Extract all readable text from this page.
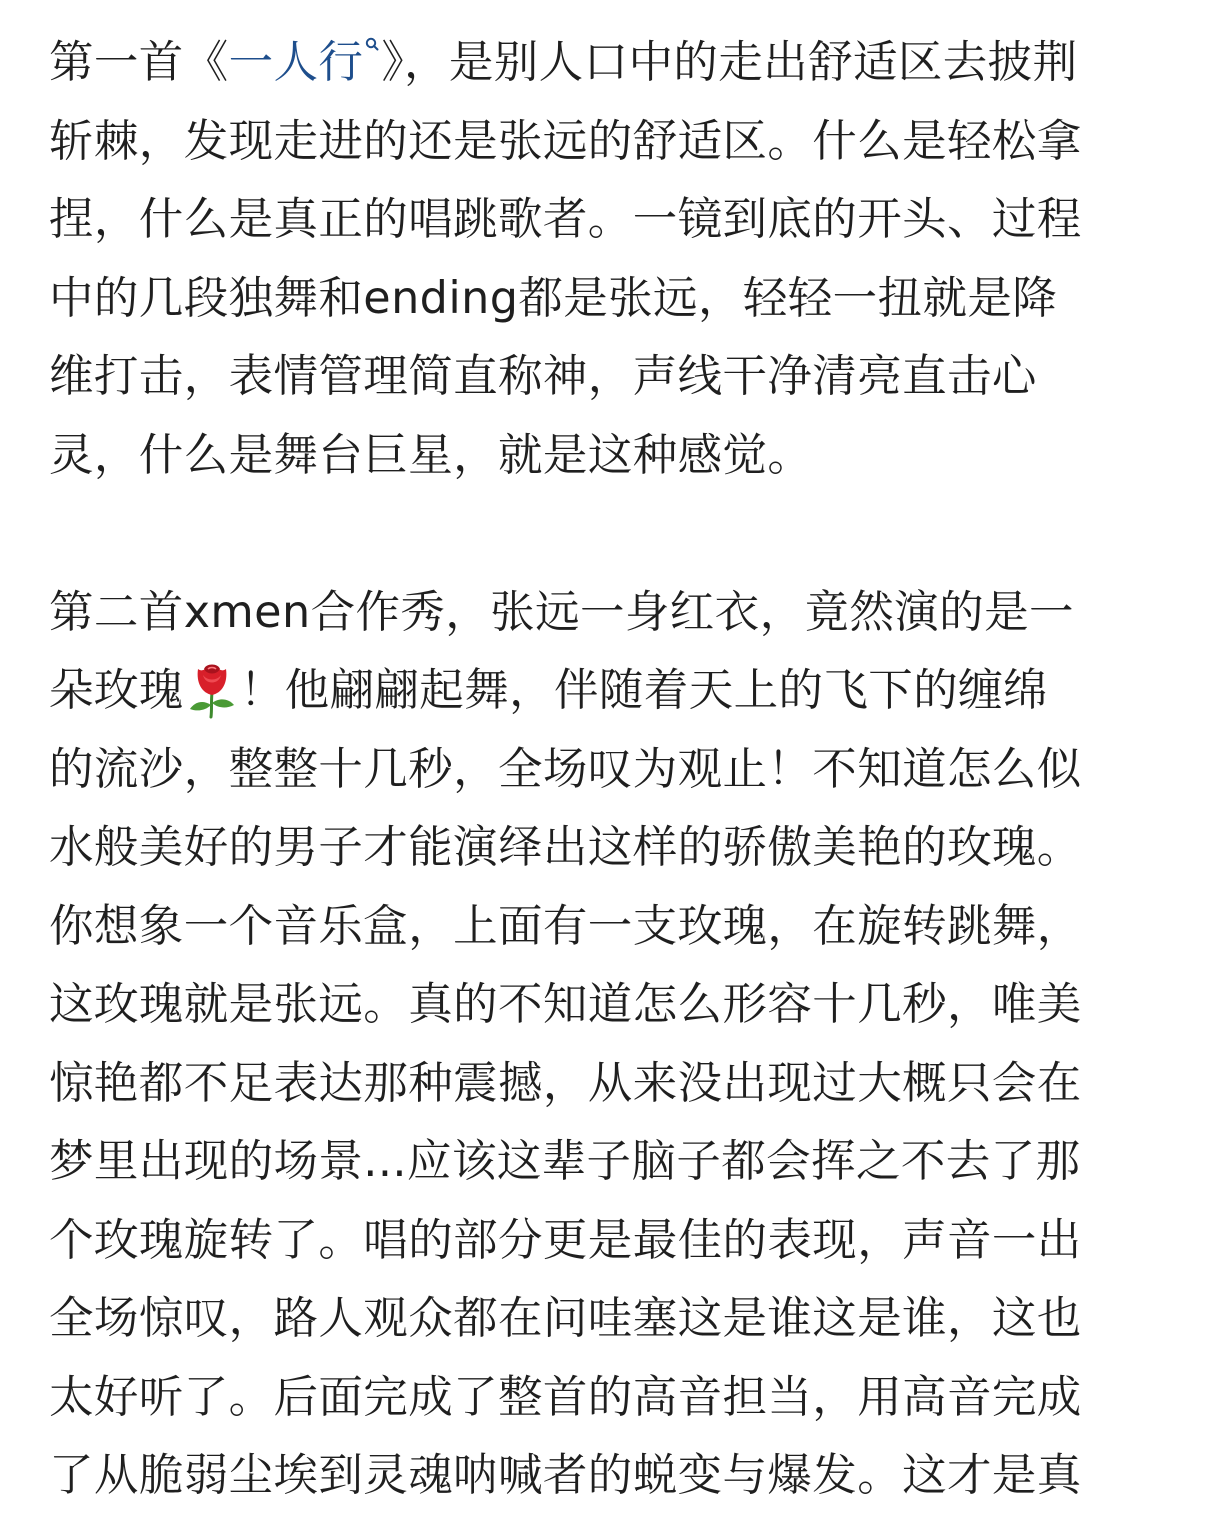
第一首《一人行 》，是别人口中的走出舒适区去披荆
斩棘，发现走进的还是张远的舒适区。什么是轻松拿
捏，什么是真正的唱跳歌者。一镜到底的开头、过程
中的几段独舞和ending都是张远，轻轻一扭就是降
维打击，表情管理简直称神，声线干净清亮直击心
灵，什么是舞台巨星，就是这种感觉。

第二首xmen合作秀，张远一身红衣，竟然演的是一
朵玫瑰 ！他翩翩起舞，伴随着天上的飞下的缠绵
的流沙，整整十几秒，全场叹为观止！不知道怎么似
水般美好的男子才能演绎出这样的骄傲美艳的玫瑰。
你想象一个音乐盒，上面有一支玫瑰，在旋转跳舞，
这玫瑰就是张远。真的不知道怎么形容十几秒，唯美
惊艳都不足表达那种震撼，从来没出现过大概只会在
梦里出现的场景...应该这辈子脑子都会挥之不去了那
个玫瑰旋转了。唱的部分更是最佳的表现，声音一出
全场惊叹，路人观众都在问哇塞这是谁这是谁，这也
太好听了。后面完成了整首的高音担当，用高音完成
了从脆弱尘埃到灵魂呐喊者的蜕变与爆发。这才是真
